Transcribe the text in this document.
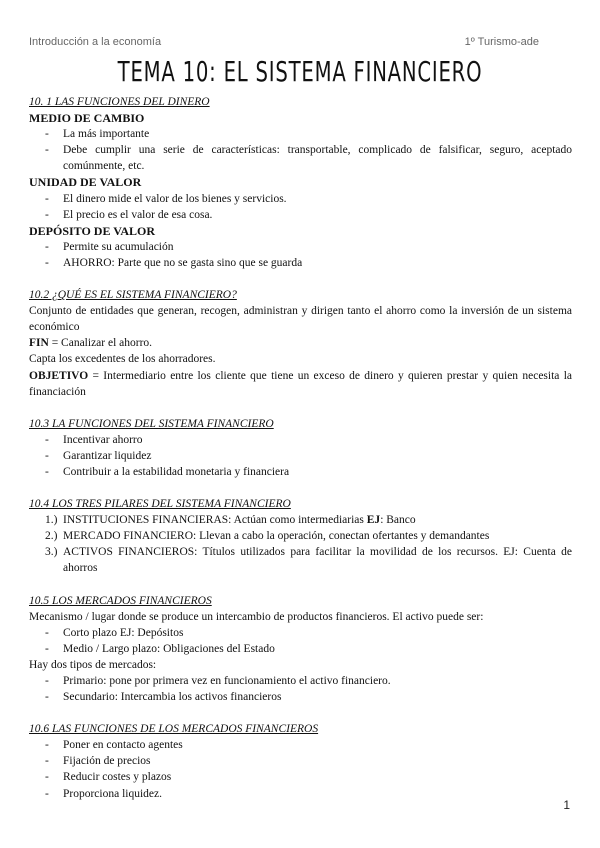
Introducción a la economía	1º Turismo-ade
TEMA 10: EL SISTEMA FINANCIERO

10. 1 LAS FUNCIONES DEL DINERO

MEDIO DE CAMBIO

- La más importante
- Debe cumplir una serie de características: transportable, complicado de falsificar, seguro, aceptado comúnmente, etc.

UNIDAD DE VALOR

- El dinero mide el valor de los bienes y servicios.
- El precio es el valor de esa cosa.

DEPÓSITO DE VALOR

- Permite su acumulación
- AHORRO: Parte que no se gasta sino que se guarda

10.2 ¿QUÉ ES EL SISTEMA FINANCIERO?

Conjunto de entidades que generan, recogen, administran y dirigen tanto el ahorro como la inversión de un sistema económico

FIN = Canalizar el ahorro.

Capta los excedentes de los ahorradores.

OBJETIVO = Intermediario entre los cliente que tiene un exceso de dinero y quieren prestar y quien necesita la financiación

10.3 LA FUNCIONES DEL SISTEMA FINANCIERO

- Incentivar ahorro
- Garantizar liquidez
- Contribuir a la estabilidad monetaria y financiera

10.4 LOS TRES PILARES DEL SISTEMA FINANCIERO

1.) INSTITUCIONES FINANCIERAS: Actúan como intermediarias EJ: Banco
2.) MERCADO FINANCIERO: Llevan a cabo la operación, conectan ofertantes y demandantes
3.) ACTIVOS FINANCIEROS: Títulos utilizados para facilitar la movilidad de los recursos. EJ: Cuenta de ahorros

10.5 LOS MERCADOS FINANCIEROS

Mecanismo / lugar donde se produce un intercambio de productos financieros. El activo puede ser:

- Corto plazo EJ: Depósitos
- Medio / Largo plazo: Obligaciones del Estado

Hay dos tipos de mercados:

- Primario: pone por primera vez en funcionamiento el activo financiero.
- Secundario: Intercambia los activos financieros

10.6 LAS FUNCIONES DE LOS MERCADOS FINANCIEROS

- Poner en contacto agentes
- Fijación de precios
- Reducir costes y plazos
- Proporciona liquidez.
1
